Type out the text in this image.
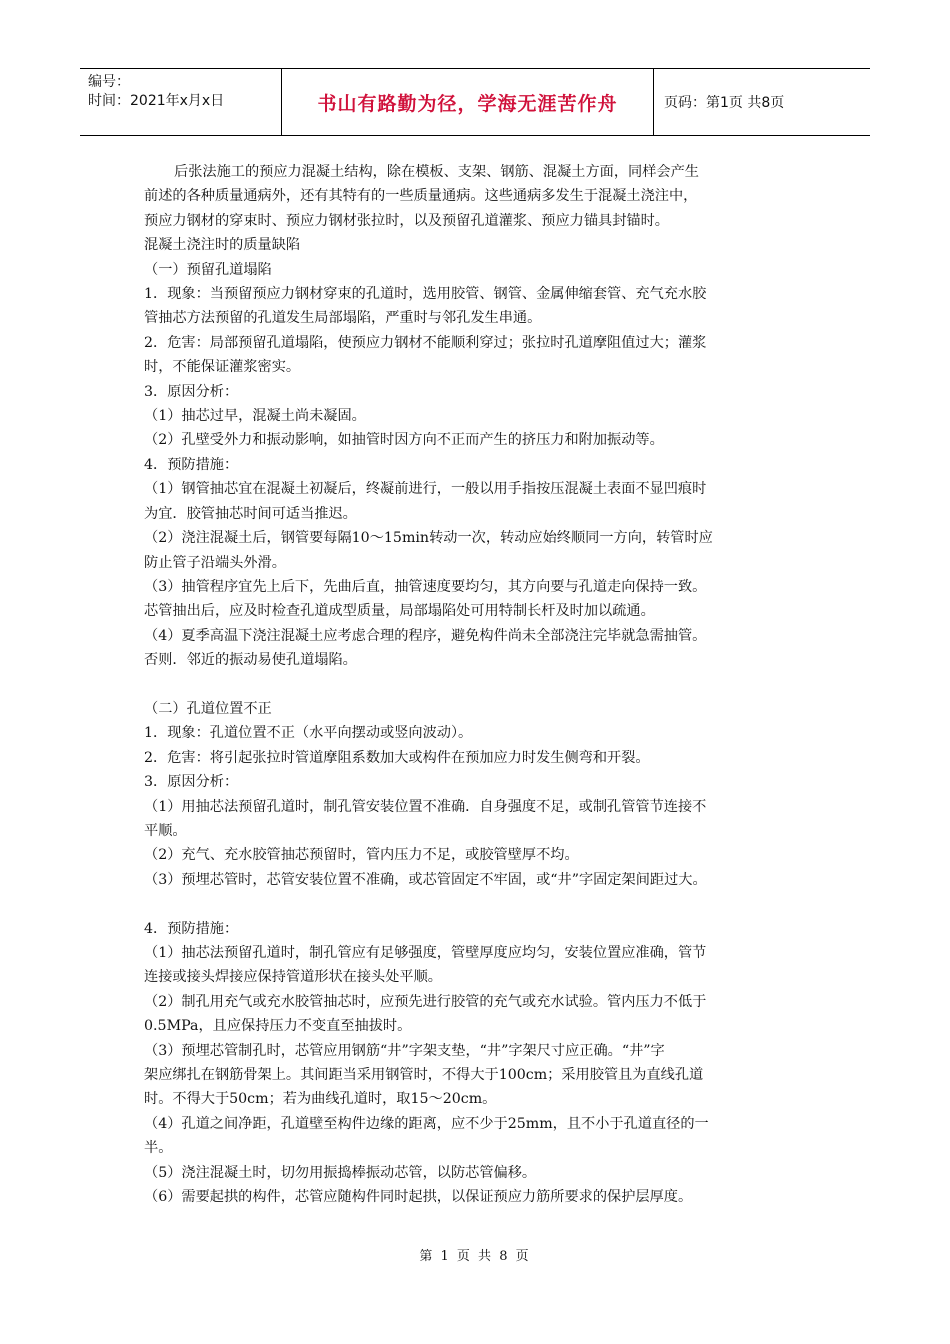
编号：
时间：2021年x月x日	书山有路勤为径，学海无涯苦作舟	页码：第1页 共8页

后张法施工的预应力混凝土结构，除在模板、支架、钢筋、混凝土方面，同样会产生

前述的各种质量通病外，还有其特有的一些质量通病。这些通病多发生于混凝土浇注中，

预应力钢材的穿束时、预应力钢材张拉时，以及预留孔道灌浆、预应力锚具封锚时。

混凝土浇注时的质量缺陷

（一）预留孔道塌陷

1．现象：当预留预应力钢材穿束的孔道时，选用胶管、钢管、金属伸缩套管、充气充水胶

管抽芯方法预留的孔道发生局部塌陷，严重时与邻孔发生串通。

2．危害：局部预留孔道塌陷，使预应力钢材不能顺利穿过；张拉时孔道摩阻值过大；灌浆

时，不能保证灌浆密实。

3．原因分析：

（1）抽芯过早，混凝土尚未凝固。

（2）孔壁受外力和振动影响，如抽管时因方向不正而产生的挤压力和附加振动等。

4．预防措施：

（1）钢管抽芯宜在混凝土初凝后，终凝前进行，一般以用手指按压混凝土表面不显凹痕时

为宜．胶管抽芯时间可适当推迟。

（2）浇注混凝土后，钢管要每隔10～15min转动一次，转动应始终顺同一方向，转管时应

防止管子沿端头外滑。

（3）抽管程序宜先上后下，先曲后直，抽管速度要均匀，其方向要与孔道走向保持一致。

芯管抽出后，应及时检查孔道成型质量，局部塌陷处可用特制长杆及时加以疏通。

（4）夏季高温下浇注混凝土应考虑合理的程序，避免构件尚未全部浇注完毕就急需抽管。

否则．邻近的振动易使孔道塌陷。

（二）孔道位置不正

1．现象：孔道位置不正（水平向摆动或竖向波动）。

2．危害：将引起张拉时管道摩阻系数加大或构件在预加应力时发生侧弯和开裂。

3．原因分析：

（1）用抽芯法预留孔道时，制孔管安装位置不准确．自身强度不足，或制孔管管节连接不

平顺。

（2）充气、充水胶管抽芯预留时，管内压力不足，或胶管壁厚不均。

（3）预埋芯管时，芯管安装位置不准确，或芯管固定不牢固，或“井”字固定架间距过大。

4．预防措施：

（1）抽芯法预留孔道时，制孔管应有足够强度，管壁厚度应均匀，安装位置应准确，管节

连接或接头焊接应保持管道形状在接头处平顺。

（2）制孔用充气或充水胶管抽芯时，应预先进行胶管的充气或充水试验。管内压力不低于

0.5MPa，且应保持压力不变直至抽拔时。

（3）预埋芯管制孔时，芯管应用钢筋“井”字架支垫，“井”字架尺寸应正确。“井”字

架应绑扎在钢筋骨架上。其间距当采用钢管时，不得大于100cm；采用胶管且为直线孔道

时。不得大于50cm；若为曲线孔道时，取15～20cm。

（4）孔道之间净距，孔道壁至构件边缘的距离，应不少于25mm，且不小于孔道直径的一

半。

（5）浇注混凝土时，切勿用振捣棒振动芯管，以防芯管偏移。

（6）需要起拱的构件，芯管应随构件同时起拱，以保证预应力筋所要求的保护层厚度。

第 1 页 共 8 页
